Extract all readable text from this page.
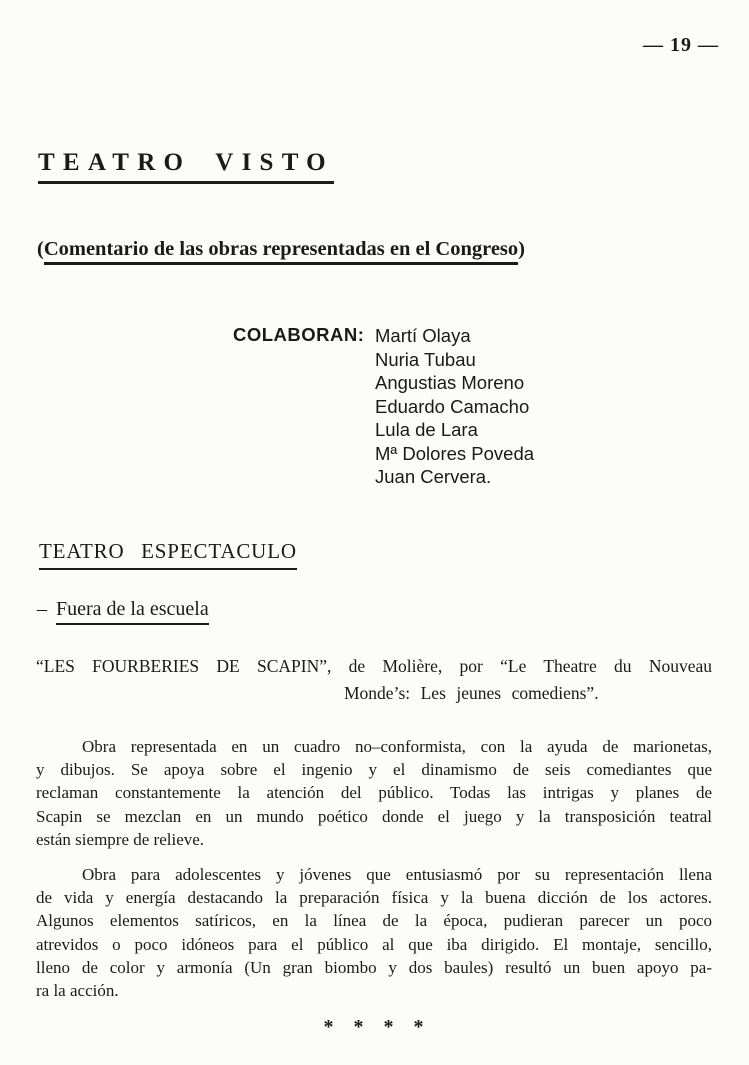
— 19 —
TEATRO VISTO
(Comentario de las obras representadas en el Congreso)
COLABORAN: Martí Olaya
Nuria Tubau
Angustias Moreno
Eduardo Camacho
Lula de Lara
Mª Dolores Poveda
Juan Cervera.
TEATRO ESPECTACULO
– Fuera de la escuela
“LES FOURBERIES DE SCAPIN”, de Molière, por “Le Theatre du Nouveau
Monde’s: Les jeunes comediens”.
Obra representada en un cuadro no–conformista, con la ayuda de marionetas,
y dibujos. Se apoya sobre el ingenio y el dinamismo de seis comediantes que
reclaman constantemente la atención del público. Todas las intrigas y planes de
Scapin se mezclan en un mundo poético donde el juego y la transposición teatral
están siempre de relieve.
Obra para adolescentes y jóvenes que entusiasmó por su representación llena
de vida y energía destacando la preparación física y la buena dicción de los actores.
Algunos elementos satíricos, en la línea de la época, pudieran parecer un poco
atrevidos o poco idóneos para el público al que iba dirigido. El montaje, sencillo,
lleno de color y armonía (Un gran biombo y dos baules) resultó un buen apoyo pa-
ra la acción.
* * * *
